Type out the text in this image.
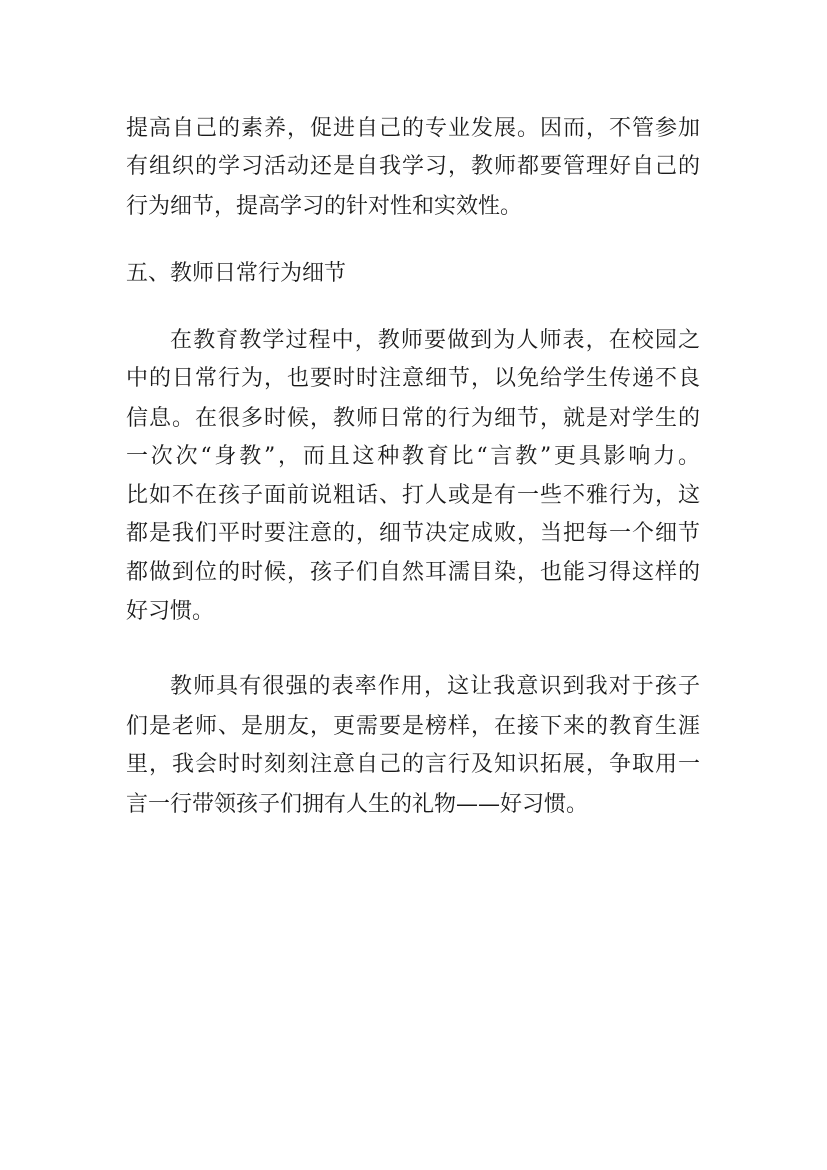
提高自己的素养，促进自己的专业发展。因而，不管参加
有组织的学习活动还是自我学习，教师都要管理好自己的
行为细节，提高学习的针对性和实效性。
五、教师日常行为细节
在教育教学过程中，教师要做到为人师表，在校园之
中的日常行为，也要时时注意细节，以免给学生传递不良
信息。在很多时候，教师日常的行为细节，就是对学生的
一次次“身教”，而且这种教育比“言教”更具影响力。
比如不在孩子面前说粗话、打人或是有一些不雅行为，这
都是我们平时要注意的，细节决定成败，当把每一个细节
都做到位的时候，孩子们自然耳濡目染，也能习得这样的
好习惯。
教师具有很强的表率作用，这让我意识到我对于孩子
们是老师、是朋友，更需要是榜样，在接下来的教育生涯
里，我会时时刻刻注意自己的言行及知识拓展，争取用一
言一行带领孩子们拥有人生的礼物——好习惯。
